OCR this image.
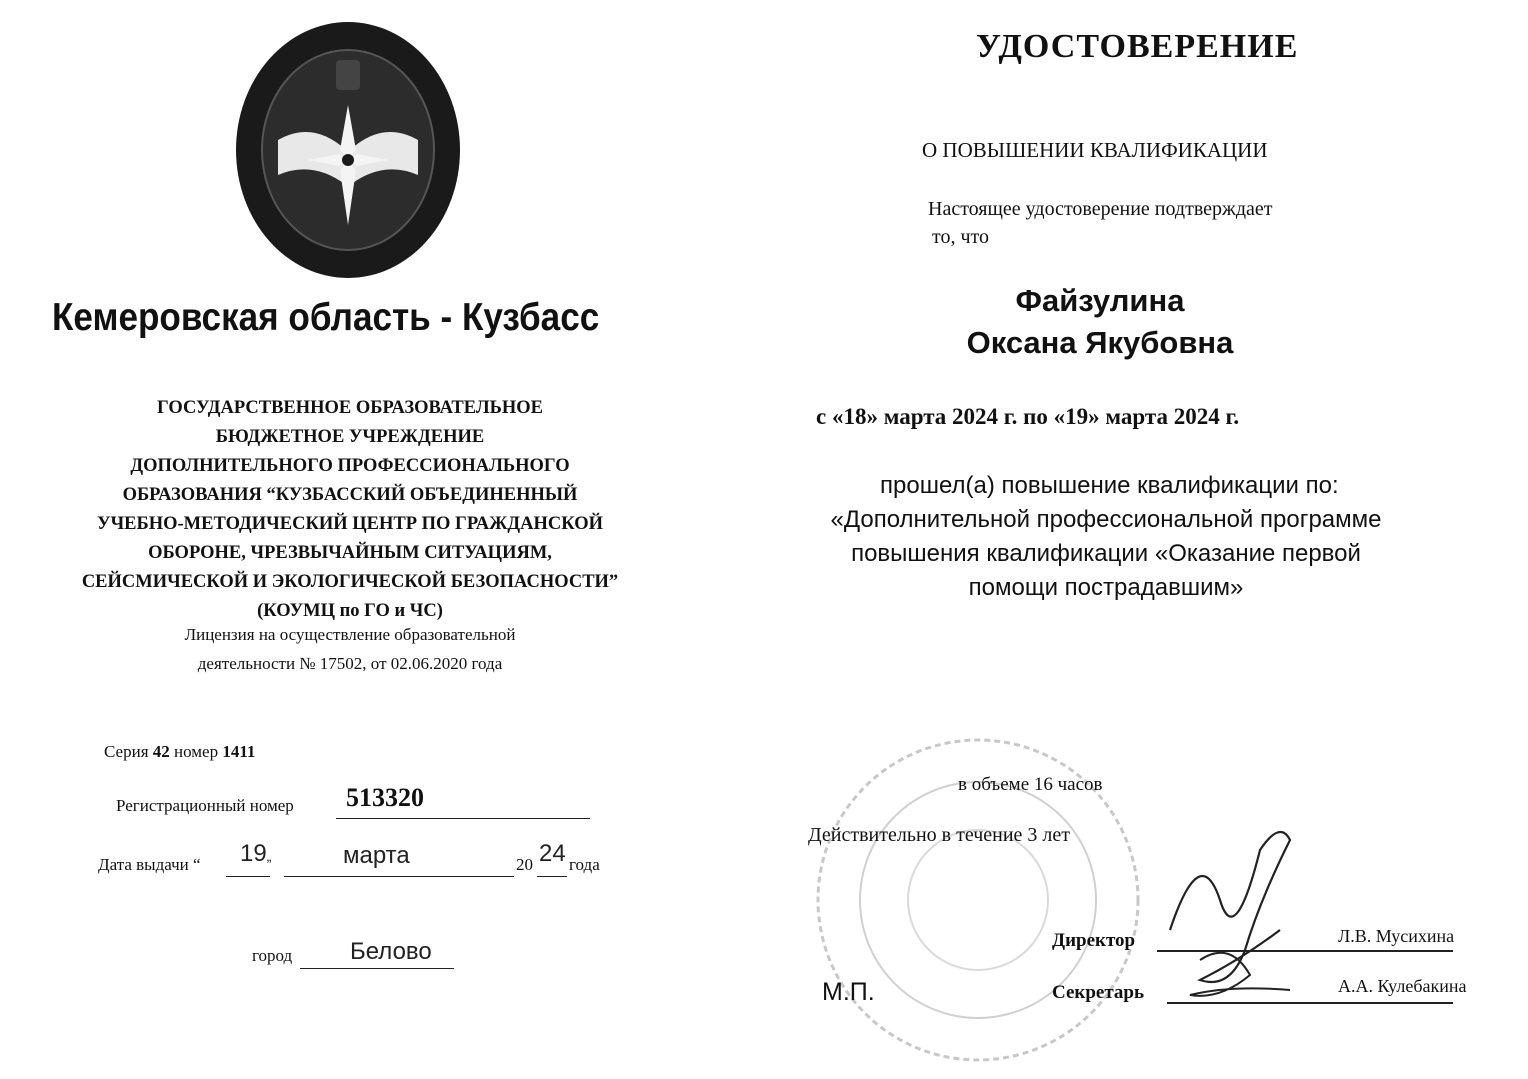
Кемеровская область - Кузбасс
ГОСУДАРСТВЕННОЕ ОБРАЗОВАТЕЛЬНОЕ
БЮДЖЕТНОЕ УЧРЕЖДЕНИЕ
ДОПОЛНИТЕЛЬНОГО ПРОФЕССИОНАЛЬНОГО
ОБРАЗОВАНИЯ “КУЗБАССКИЙ ОБЪЕДИНЕННЫЙ
УЧЕБНО-МЕТОДИЧЕСКИЙ ЦЕНТР ПО ГРАЖДАНСКОЙ
ОБОРОНЕ, ЧРЕЗВЫЧАЙНЫМ СИТУАЦИЯМ,
СЕЙСМИЧЕСКОЙ И ЭКОЛОГИЧЕСКОЙ БЕЗОПАСНОСТИ”
(КОУМЦ по ГО и ЧС)
Лицензия на осуществление образовательной
деятельности № 17502, от 02.06.2020 года
Серия 42 номер 1411
Регистрационный номер 513320
Дата выдачи “ 19„	марта	20 24 года
город Белово
УДОСТОВЕРЕНИЕ
О ПОВЫШЕНИИ КВАЛИФИКАЦИИ
Настоящее удостоверение подтверждает
то, что
Файзулина
Оксана Якубовна
с «18» марта 2024 г. по «19» марта 2024 г.
прошел(а) повышение квалификации по:
«Дополнительной профессиональной программе
повышения квалификации «Оказание первой
помощи пострадавшим»
в объеме 16 часов
Действительно в течение 3 лет
Директор	Л.В. Мусихина
Секретарь	А.А. Кулебакина
М.П.
